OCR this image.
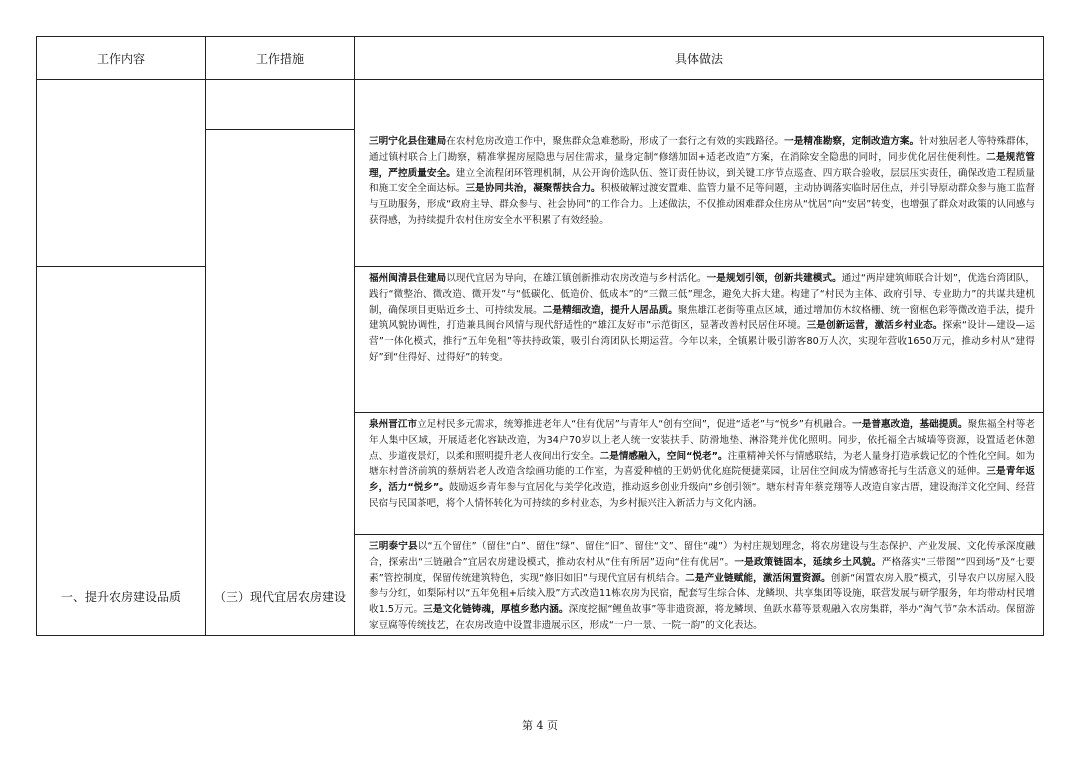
工作内容	工作措施	具体做法

一、提升农房建设品质	（三）现代宜居农房建设	三明宁化县住建局在农村危房改造工作中，聚焦群众急难愁盼，形成了一套行之有效的实践路径。一是精准勘察，定制改造方案。针对独居老人等特殊群体，通过镇村联合上门勘察，精准掌握房屋隐患与居住需求，量身定制“修缮加固+适老改造”方案，在消除安全隐患的同时，同步优化居住便利性。二是规范管理，严控质量安全。建立全流程闭环管理机制，从公开询价选队伍、签订责任协议，到关键工序节点巡查、四方联合验收，层层压实责任，确保改造工程质量和施工安全全面达标。三是协同共治，凝聚帮扶合力。积极破解过渡安置难、监管力量不足等问题，主动协调落实临时居住点，并引导原动群众参与施工监督与互助服务，形成“政府主导、群众参与、社会协同”的工作合力。上述做法，不仅推动困难群众住房从“忧居”向“安居”转变，也增强了群众对政策的认同感与获得感，为持续提升农村住房安全水平积累了有效经验。
福州闽清县住建局以现代宜居为导向，在雄江镇创新推动农房改造与乡村活化。一是规划引领，创新共建模式。通过“两岸建筑师联合计划”，优选台湾团队，践行“微整治、微改造、微开发”与“低碳化、低造价、低成本”的“三微三低”理念，避免大拆大建。构建了“村民为主体、政府引导、专业助力”的共谋共建机制，确保项目更贴近乡土、可持续发展。二是精细改造，提升人居品质。聚焦雄江老街等重点区域，通过增加仿木纹格栅、统一窗框色彩等微改造手法，提升建筑风貌协调性，打造兼具闽台风情与现代舒适性的“雄江友好市”示范街区，显著改善村民居住环境。三是创新运营，激活乡村业态。探索“设计—建设—运营”一体化模式，推行“五年免租”等扶持政策，吸引台湾团队长期运营。今年以来，全镇累计吸引游客80万人次，实现年营收1650万元，推动乡村从“建得好”到“住得好、过得好”的转变。
泉州晋江市立足村民多元需求，统筹推进老年人“住有优居”与青年人“创有空间”，促进“适老”与“悦乡”有机融合。一是普惠改造，基础提质。聚焦福全村等老年人集中区域，开展适老化容缺改造，为34户70岁以上老人统一安装扶手、防滑地垫、淋浴凳并优化照明。同步，依托福全古城墙等资源，设置适老休憩点、步道夜景灯，以柔和照明提升老人夜间出行安全。二是情感融入，空间“悦老”。注重精神关怀与情感联结，为老人量身打造承载记忆的个性化空间。如为塘东村普济前筑的蔡炳岩老人改造含绘画功能的工作室，为喜爱种植的王奶奶优化庭院便捷菜园，让居住空间成为情感寄托与生活意义的延伸。三是青年返乡，活力“悦乡”。鼓励返乡青年参与宜居化与美学化改造，推动返乡创业升级向“乡创引领”。塘东村青年蔡竞翔等人改造自家古厝，建设海洋文化空间、经营民宿与民国茶吧，将个人情怀转化为可持续的乡村业态，为乡村振兴注入新活力与文化内涵。
三明泰宁县以“五个留住”（留住“白”、留住“绿”、留住“旧”、留住“文”、留住“魂”）为村庄规划理念，将农房建设与生态保护、产业发展、文化传承深度融合，探索出“三链融合”宜居农房建设模式，推动农村从“住有所居”迈向“住有优居”。一是政策链固本，延续乡土风貌。严格落实“三带图”“四到场”及“七要素”管控制度，保留传统建筑特色，实现“修旧如旧”与现代宜居有机结合。二是产业链赋能，激活闲置资源。创新“闲置农房入股”模式，引导农户以房屋入股参与分红，如梨际村以“五年免租+后续入股”方式改造11栋农房为民宿，配套写生综合体、龙鳞坝、共享集团等设施，联营发展与研学服务，年均带动村民增收1.5万元。三是文化链铸魂，厚植乡愁内涵。深度挖掘“鲤鱼故事”等非遗资源，将龙鳞坝、鱼跃水幕等景观融入农房集群，举办“淘气节”杂木活动。保留游家豆腐等传统技艺，在农房改造中设置非遗展示区，形成“一户一景、一院一韵”的文化表达。
第 4 页
